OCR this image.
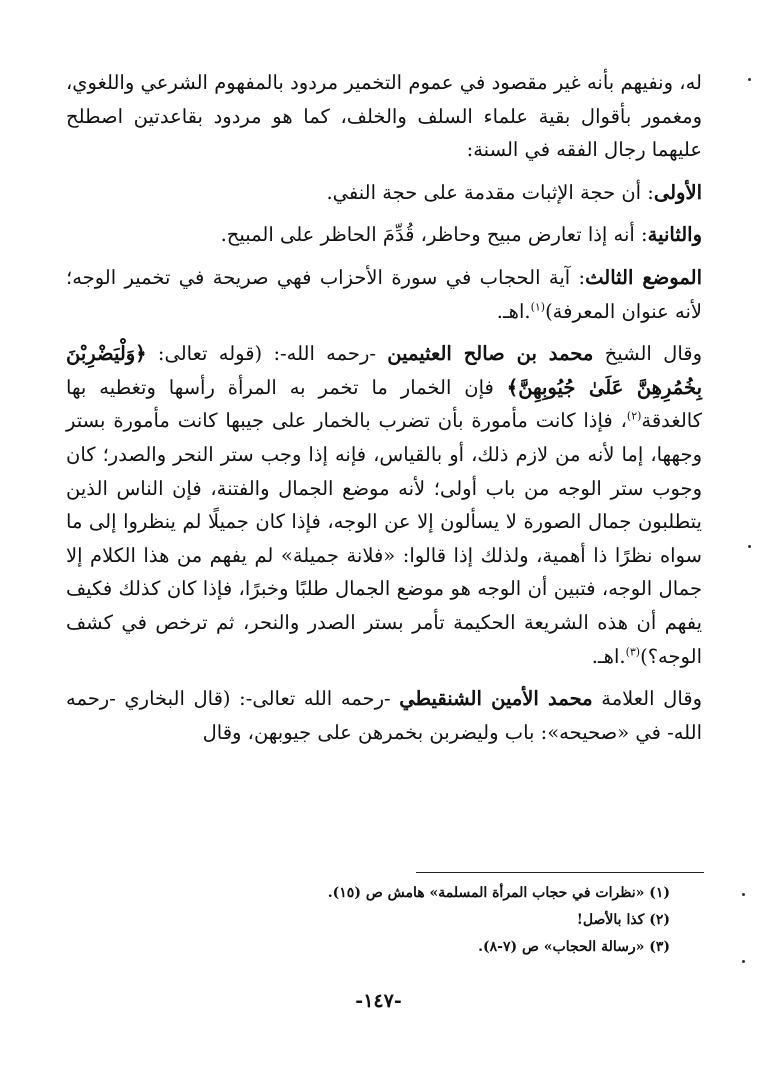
له، ونفيهم بأنه غير مقصود في عموم التخمير مردود بالمفهوم الشرعي واللغوي، ومغمور بأقوال بقية علماء السلف والخلف، كما هو مردود بقاعدتين اصطلح عليهما رجال الفقه في السنة:

الأولى: أن حجة الإثبات مقدمة على حجة النفي.

والثانية: أنه إذا تعارض مبيح وحاظر، قُدِّمَ الحاظر على المبيح.

الموضع الثالث: آية الحجاب في سورة الأحزاب فهي صريحة في تخمير الوجه؛ لأنه عنوان المعرفة)$^{(١)}$.اهـ.

وقال الشيخ محمد بن صالح العثيمين -رحمه الله-: (قوله تعالى: ﴿وَلْيَضْرِبْنَ بِخُمُرِهِنَّ عَلَىٰ جُيُوبِهِنَّ﴾ فإن الخمار ما تخمر به المرأة رأسها وتغطيه بها كالغدقة$^{(٢)}$، فإذا كانت مأمورة بأن تضرب بالخمار على جيبها كانت مأمورة بستر وجهها، إما لأنه من لازم ذلك، أو بالقياس، فإنه إذا وجب ستر النحر والصدر؛ كان وجوب ستر الوجه من باب أولى؛ لأنه موضع الجمال والفتنة، فإن الناس الذين يتطلبون جمال الصورة لا يسألون إلا عن الوجه، فإذا كان جميلًا لم ينظروا إلى ما سواه نظرًا ذا أهمية، ولذلك إذا قالوا: «فلانة جميلة» لم يفهم من هذا الكلام إلا جمال الوجه، فتبين أن الوجه هو موضع الجمال طلبًا وخبرًا، فإذا كان كذلك فكيف يفهم أن هذه الشريعة الحكيمة تأمر بستر الصدر والنحر، ثم ترخص في كشف الوجه؟)$^{(٣)}$.اهـ.

وقال العلامة محمد الأمين الشنقيطي -رحمه الله تعالى-: (قال البخاري -رحمه الله- في «صحيحه»: باب وليضربن بخمرهن على جيوبهن، وقال

(١) «نظرات في حجاب المرأة المسلمة» هامش ص (١٥).
(٢) كذا بالأصل!
(٣) «رسالة الحجاب» ص (٧-٨).
-١٤٧-
